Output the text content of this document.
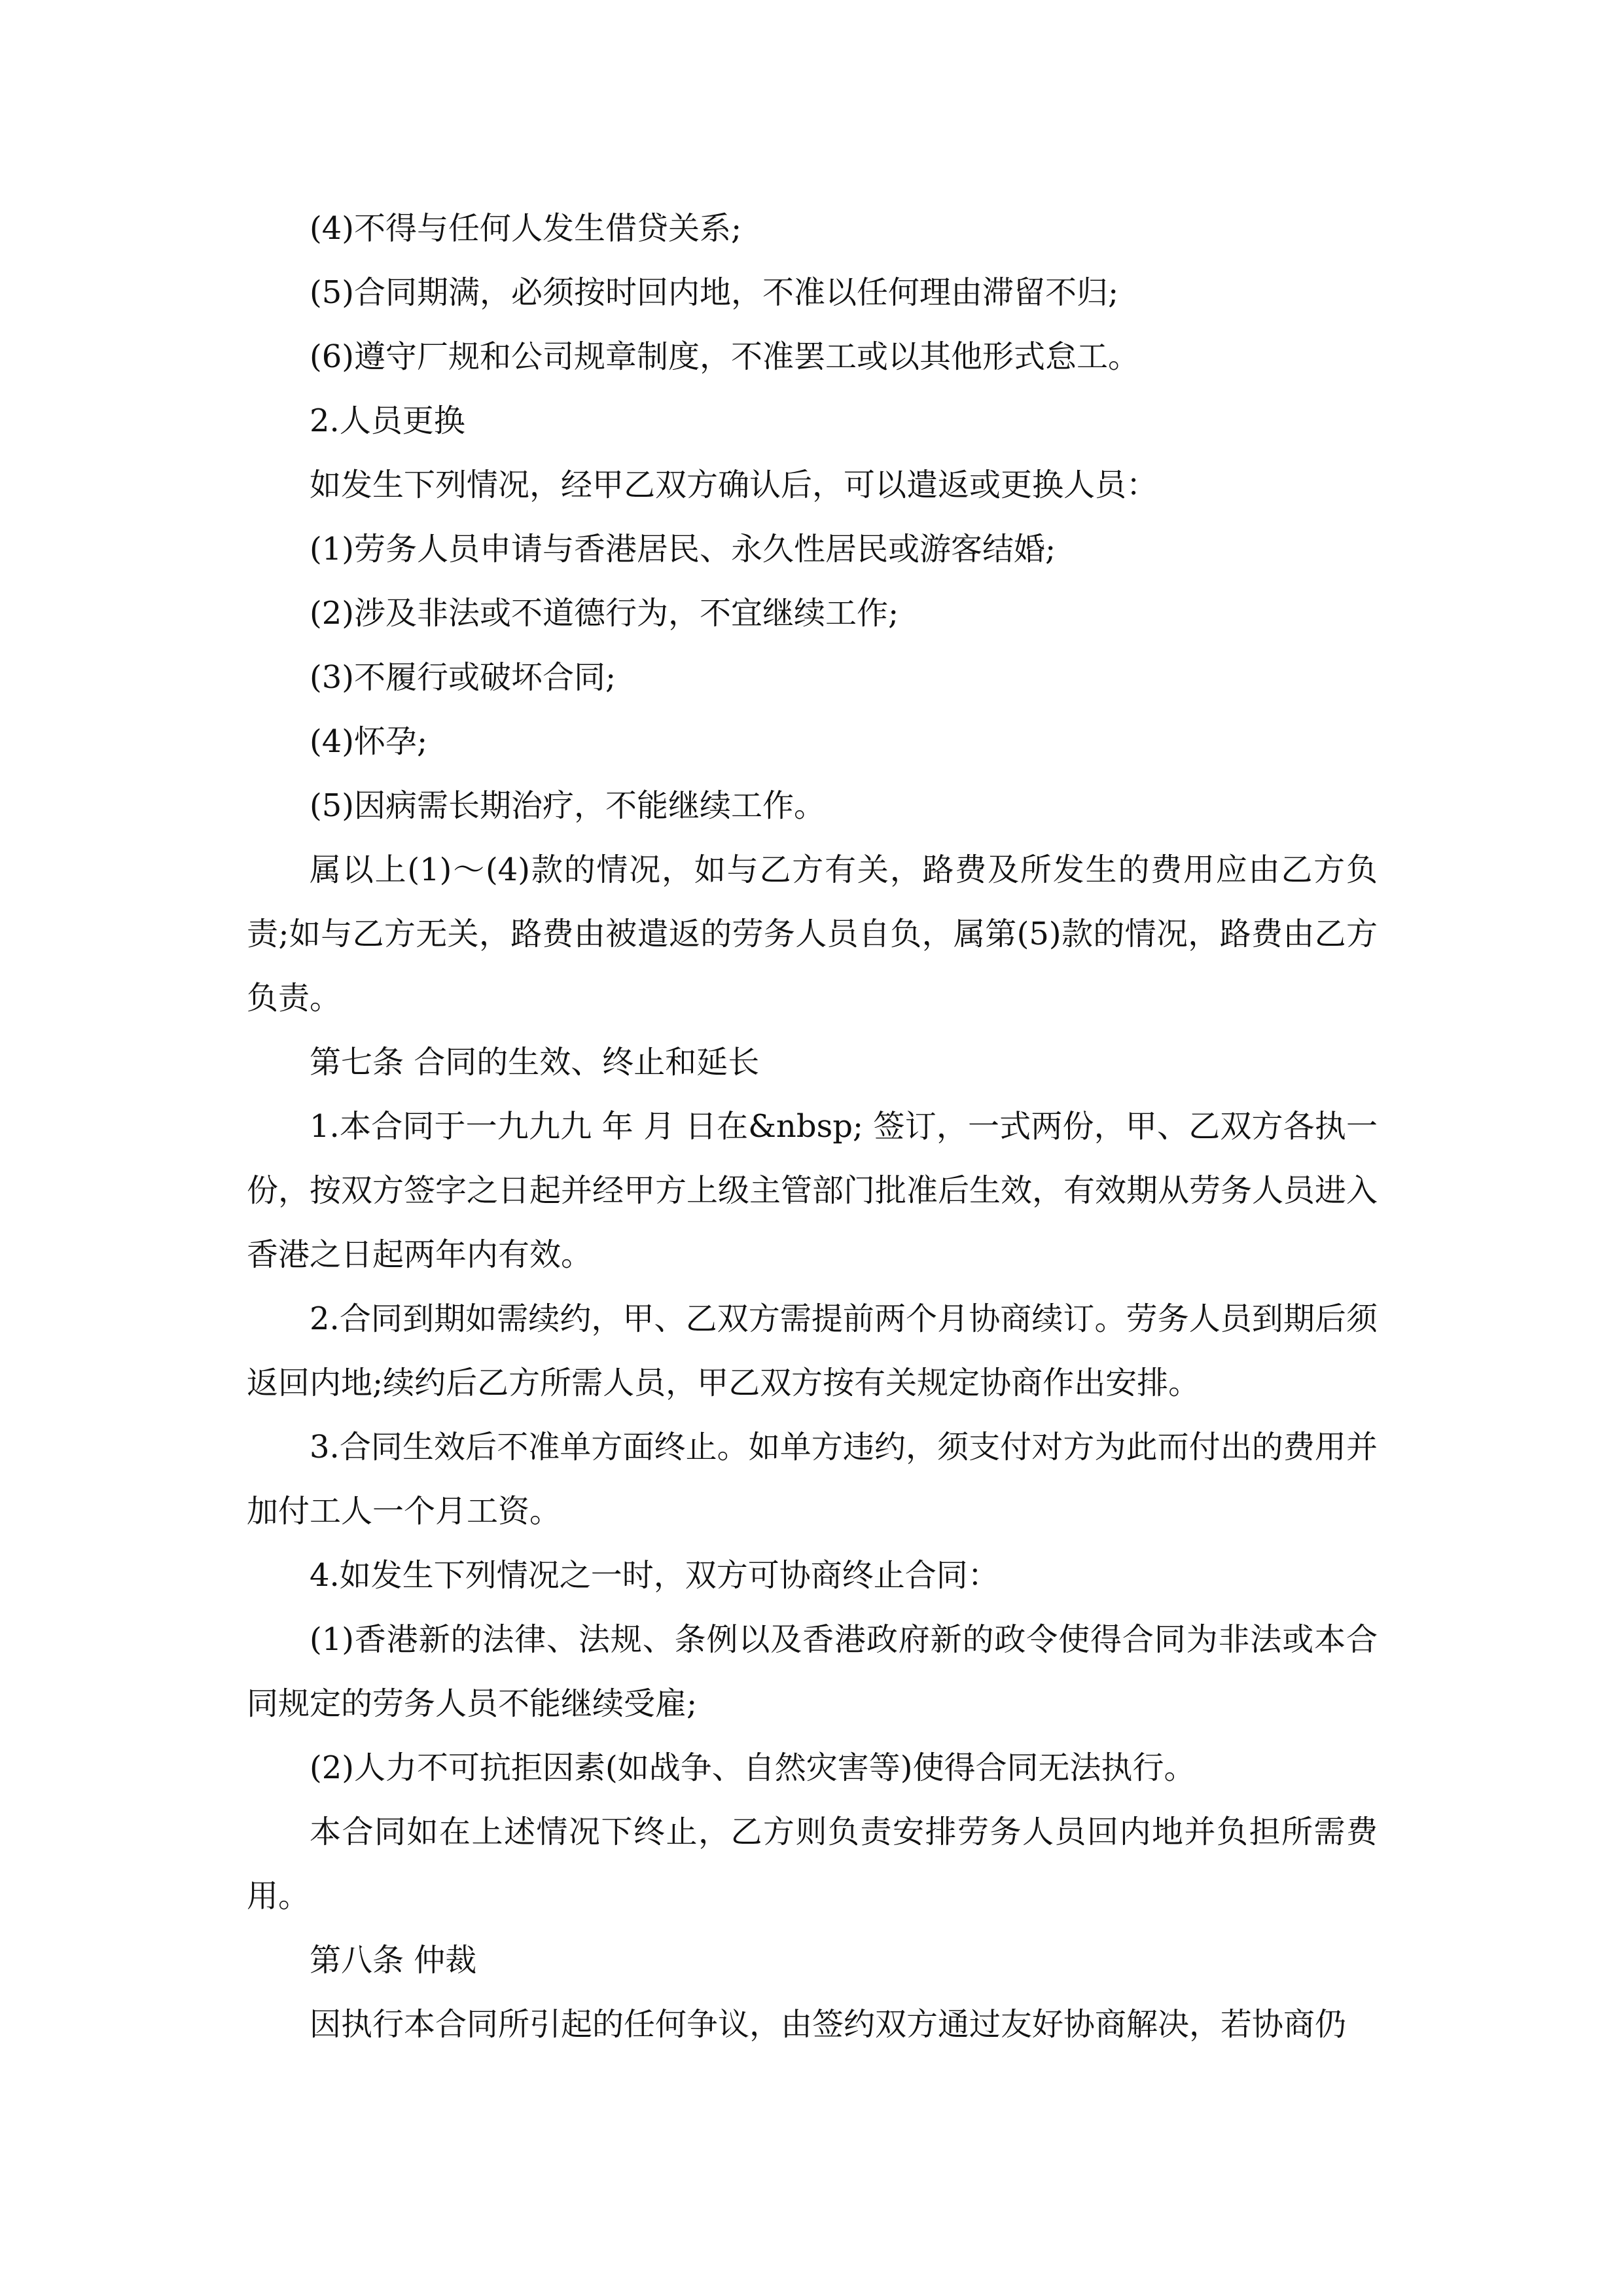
(4)不得与任何人发生借贷关系;

(5)合同期满，必须按时回内地，不准以任何理由滞留不归;

(6)遵守厂规和公司规章制度，不准罢工或以其他形式怠工。

2.人员更换

如发生下列情况，经甲乙双方确认后，可以遣返或更换人员：

(1)劳务人员申请与香港居民、永久性居民或游客结婚;

(2)涉及非法或不道德行为，不宜继续工作;

(3)不履行或破坏合同;

(4)怀孕;

(5)因病需长期治疗，不能继续工作。

属以上(1)～(4)款的情况，如与乙方有关，路费及所发生的费用应由乙方负责;如与乙方无关，路费由被遣返的劳务人员自负，属第(5)款的情况，路费由乙方负责。

第七条 合同的生效、终止和延长

1.本合同于一九九九 年 月 日在&nbsp; 签订，一式两份，甲、乙双方各执一份，按双方签字之日起并经甲方上级主管部门批准后生效，有效期从劳务人员进入香港之日起两年内有效。

2.合同到期如需续约，甲、乙双方需提前两个月协商续订。劳务人员到期后须返回内地;续约后乙方所需人员，甲乙双方按有关规定协商作出安排。

3.合同生效后不准单方面终止。如单方违约，须支付对方为此而付出的费用并加付工人一个月工资。

4.如发生下列情况之一时，双方可协商终止合同：

(1)香港新的法律、法规、条例以及香港政府新的政令使得合同为非法或本合同规定的劳务人员不能继续受雇;

(2)人力不可抗拒因素(如战争、自然灾害等)使得合同无法执行。

本合同如在上述情况下终止，乙方则负责安排劳务人员回内地并负担所需费用。

第八条 仲裁

因执行本合同所引起的任何争议，由签约双方通过友好协商解决，若协商仍
